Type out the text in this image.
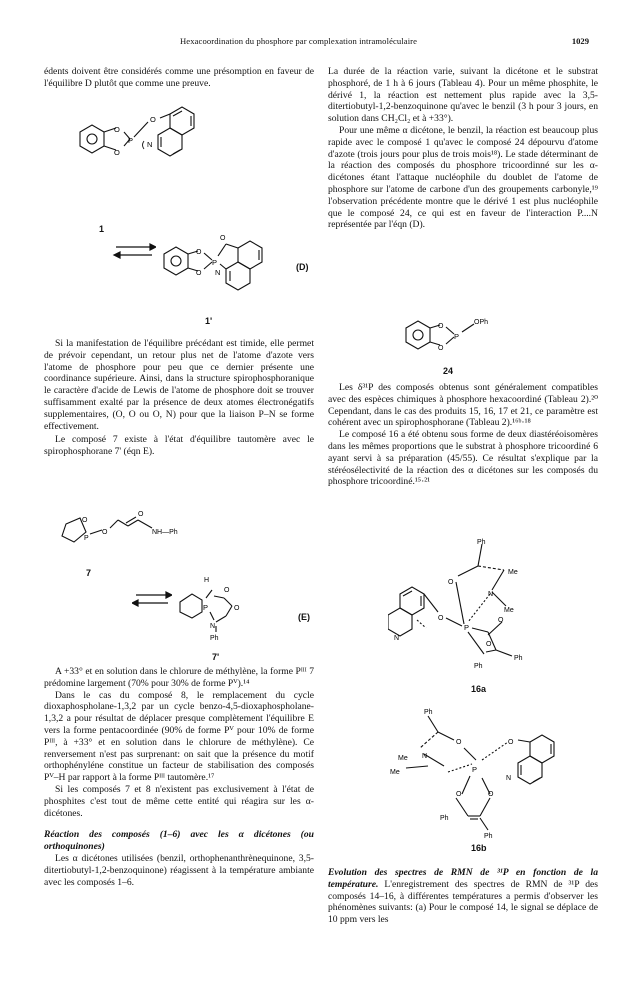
Hexacoordination du phosphore par complexation intramoléculaire	1029

édents doivent être considérés comme une présomption en faveur de l'équilibre D plutôt que comme une preuve.

O
O
P
O
N
1
O
O
P
O
N
(D)
1'

Si la manifestation de l'équilibre précédant est timide, elle permet de prévoir cependant, un retour plus net de l'atome d'azote vers l'atome de phosphore pour peu que ce dernier présente une coordinance supérieure. Ainsi, dans la structure spirophosphoranique le caractère d'acide de Lewis de l'atome de phosphore doit se trouver suffisamment exalté par la présence de deux atomes électronégatifs supplementaires, (O, O ou O, N) pour que la liaison P–N se forme effectivement.

Le composé 7 existe à l'état d'équilibre tautomère avec le spirophosphorane 7' (éqn E).

O
P
O
O
NH—Ph
7
H
P
O
O
N
Ph
(E)
7'

A +33° et en solution dans le chlorure de méthylène, la forme Pᴵᴵᴵ 7 prédomine largement (70% pour 30% de forme Pⱽ).¹⁴

Dans le cas du composé 8, le remplacement du cycle dioxaphospholane-1,3,2 par un cycle benzo-4,5-dioxaphospholane-1,3,2 a pour résultat de déplacer presque complètement l'équilibre E vers la forme pentacoordinée (90% de forme Pⱽ pour 10% de forme Pᴵᴵᴵ, à +33° et en solution dans le chlorure de méthylène). Ce renversement n'est pas surprenant: on sait que la présence du motif orthophényléne constitue un facteur de stabilisation des composés Pⱽ–H par rapport à la forme Pᴵᴵᴵ tautomère.¹⁷

Si les composés 7 et 8 n'existent pas exclusivement à l'état de phosphites c'est tout de même cette entité qui réagira sur les α-dicétones.

Réaction des composés (1–6) avec les α dicétones (ou orthoquinones)

Les α dicétones utilisées (benzil, orthophenanthrènequinone, 3,5-ditertiobutyl-1,2-benzoquinone) réagissent à la température ambiante avec les composés 1–6.

La durée de la réaction varie, suivant la dicétone et le substrat phosphoré, de 1 h à 6 jours (Tableau 4). Pour un même phosphite, le dérivé 1, la réaction est nettement plus rapide avec la 3,5-ditertiobutyl-1,2-benzoquinone qu'avec le benzil (3 h pour 3 jours, en solution dans CH₂Cl₂ et à +33°).

Pour une même α dicétone, le benzil, la réaction est beaucoup plus rapide avec le composé 1 qu'avec le composé 24 dépourvu d'atome d'azote (trois jours pour plus de trois mois¹⁸). Le stade déterminant de la réaction des composés du phosphore tricoordinné sur les α-dicétones étant l'attaque nucléophile du doublet de l'atome de phosphore sur l'atome de carbone d'un des groupements carbonyle,¹⁹ l'observation précédente montre que le dérivé 1 est plus nucléophile que le composé 24, ce qui est en faveur de l'interaction P....N représentée par l'éqn (D).

O
O
P
OPh
24

Les δ³¹P des composés obtenus sont généralement compatibles avec des espèces chimiques à phosphore hexacoordiné (Tableau 2).²⁰ Cependant, dans le cas des produits 15, 16, 17 et 21, ce paramètre est cohérent avec un spirophosphorane (Tableau 2).¹⁶ᵇ·¹⁸

Le composé 16 a été obtenu sous forme de deux diastéréoisomères dans les mêmes proportions que le substrat à phosphore tricoordiné 6 ayant servi à sa préparation (45/55). Ce résultat s'explique par la stéréosélectivité de la réaction des α dicétones sur les composés du phosphore tricoordiné.¹⁵·²¹

Ph
O
Me
N
Me
O
P
N
O
O
Ph
Ph
16a
Ph
Me
O
N
Me	P
O
N
O	O
Ph
Ph
16b

Evolution des spectres de RMN de ³¹P en fonction de la température. L'enregistrement des spectres de RMN de ³¹P des composés 14–16, à différentes températures a permis d'observer les phénomènes suivants: (a) Pour le composé 14, le signal se déplace de 10 ppm vers les
